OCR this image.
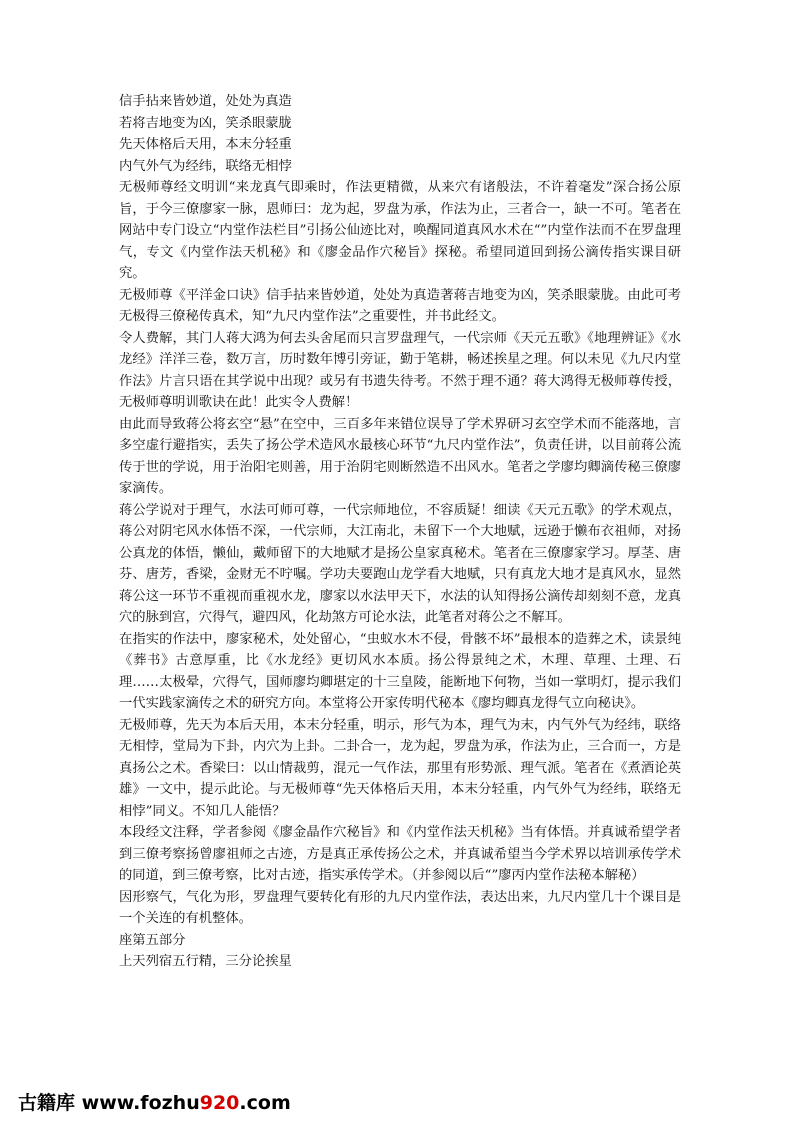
信手拈来皆妙道，处处为真造

若将吉地变为凶，笑杀眼蒙胧

先天体格后天用，本末分轻重

内气外气为经纬，联络无相悖

无极师尊经文明训“来龙真气即乘时，作法更精微，从来穴有诸般法，不许着毫发”深合扬公原旨，于今三僚廖家一脉，恩师曰：龙为起，罗盘为承，作法为止，三者合一，缺一不可。笔者在网站中专门设立“内堂作法栏目”引扬公仙迹比对，唤醒同道真风水术在“”内堂作法而不在罗盘理气，专文《内堂作法天机秘》和《廖金品作穴秘旨》探秘。希望同道回到扬公滴传指实课目研究。

无极师尊《平洋金口诀》信手拈来皆妙道，处处为真造著蒋吉地变为凶，笑杀眼蒙胧。由此可考无极得三僚秘传真术，知“九尺内堂作法”之重要性，并书此经文。

令人费解，其门人蒋大鸿为何去头舍尾而只言罗盘理气，一代宗师《天元五歌》《地理辨证》《水龙经》洋洋三卷，数万言，历时数年博引旁证，勤于笔耕，畅述挨星之理。何以未见《九尺内堂作法》片言只语在其学说中出现？或另有书遗失待考。不然于理不通？蒋大鸿得无极师尊传授，无极师尊明训歌诀在此！此实令人费解！

由此而导致蒋公将玄空“悬”在空中，三百多年来错位误导了学术界研习玄空学术而不能落地，言多空虚行避指实，丢失了扬公学术造风水最核心环节“九尺内堂作法”，负责任讲，以目前蒋公流传于世的学说，用于治阳宅则善，用于治阴宅则断然造不出风水。笔者之学廖均卿滴传秘三僚廖家滴传。

蒋公学说对于理气，水法可师可尊，一代宗师地位，不容质疑！细读《天元五歌》的学术观点，蒋公对阴宅风水体悟不深，一代宗师，大江南北，未留下一个大地赋，远逊于懒布衣祖师，对扬公真龙的体悟，懒仙，戴师留下的大地赋才是扬公皇家真秘术。笔者在三僚廖家学习。厚茎、唐芬、唐芳，香梁，金财无不咛嘱。学功夫要跑山龙学看大地赋，只有真龙大地才是真风水，显然蒋公这一环节不重视而重视水龙，廖家以水法甲天下，水法的认知得扬公滴传却刻刻不意，龙真穴的脉到宫，穴得气，避四风，化劫煞方可论水法，此笔者对蒋公之不解耳。

在指实的作法中，廖家秘术，处处留心，“虫蚁水木不侵，骨骸不坏”最根本的造葬之术，读景纯《葬书》古意厚重，比《水龙经》更切风水本质。扬公得景纯之术，木理、草理、土理、石理……太极晕，穴得气，国师廖均卿堪定的十三皇陵，能断地下何物，当如一掌明灯，提示我们一代实践家滴传之术的研究方向。本堂将公开家传明代秘本《廖均卿真龙得气立向秘诀》。

无极师尊，先天为本后天用，本末分轻重，明示，形气为本，理气为末，内气外气为经纬，联络无相悖，堂局为下卦，内穴为上卦。二卦合一，龙为起，罗盘为承，作法为止，三合而一，方是真扬公之术。香梁曰：以山情裁剪，混元一气作法，那里有形势派、理气派。笔者在《煮酒论英雄》一文中，提示此论。与无极师尊“先天体格后天用，本末分轻重，内气外气为经纬，联络无相悖”同义。不知几人能悟？

本段经文注释，学者参阅《廖金晶作穴秘旨》和《内堂作法天机秘》当有体悟。并真诚希望学者到三僚考察扬曾廖祖师之古迹，方是真正承传扬公之术，并真诚希望当今学术界以培训承传学术的同道，到三僚考察，比对古迹，指实承传学术。（并参阅以后“”廖丙内堂作法秘本解秘）

因形察气，气化为形，罗盘理气要转化有形的九尺内堂作法，表达出来，九尺内堂几十个课目是一个关连的有机整体。

座第五部分

上天列宿五行精，三分论挨星

古籍库 www.fozhu920.com
